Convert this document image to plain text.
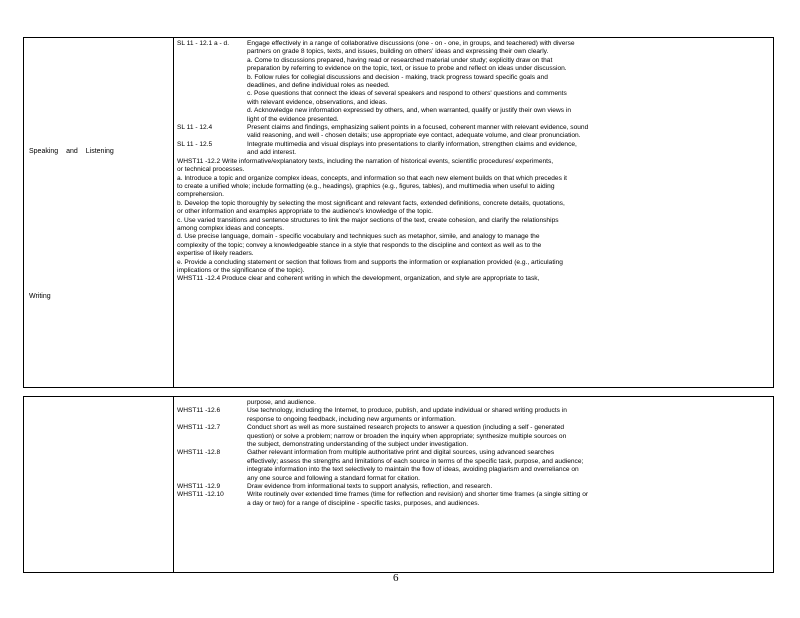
Speaking and Listening
Writing
SL 11 - 12.1 a - d.	Engage effectively in a range of collaborative discussions (one - on - one, in groups, and teachered) with diverse
partners on grade 8 topics, texts, and issues, building on others' ideas and expressing their own clearly.
a. Come to discussions prepared, having read or researched material under study; explicitly draw on that
preparation by referring to evidence on the topic, text, or issue to probe and reflect on ideas under discussion.
b. Follow rules for collegial discussions and decision - making, track progress toward specific goals and
deadlines, and define individual roles as needed.
c. Pose questions that connect the ideas of several speakers and respond to others' questions and comments
with relevant evidence, observations, and ideas.
d. Acknowledge new information expressed by others, and, when warranted, qualify or justify their own views in
light of the evidence presented.
SL 11 - 12.4	Present claims and findings, emphasizing salient points in a focused, coherent manner with relevant evidence, sound
valid reasoning, and well - chosen details; use appropriate eye contact, adequate volume, and clear pronunciation.
SL 11 - 12.5	Integrate multimedia and visual displays into presentations to clarify information, strengthen claims and evidence,
and add interest.
WHST11 -12.2 Write informative/explanatory texts, including the narration of historical events, scientific procedures/ experiments,
or technical processes.
a. Introduce a topic and organize complex ideas, concepts, and information so that each new element builds on that which precedes it
to create a unified whole; include formatting (e.g., headings), graphics (e.g., figures, tables), and multimedia when useful to aiding
comprehension.
b. Develop the topic thoroughly by selecting the most significant and relevant facts, extended definitions, concrete details, quotations,
or other information and examples appropriate to the audience's knowledge of the topic.
c. Use varied transitions and sentence structures to link the major sections of the text, create cohesion, and clarify the relationships
among complex ideas and concepts.
d. Use precise language, domain - specific vocabulary and techniques such as metaphor, simile, and analogy to manage the
complexity of the topic; convey a knowledgeable stance in a style that responds to the discipline and context as well as to the
expertise of likely readers.
e. Provide a concluding statement or section that follows from and supports the information or explanation provided (e.g., articulating
implications or the significance of the topic).
WHST11 -12.4 Produce clear and coherent writing in which the development, organization, and style are appropriate to task,
purpose, and audience.
WHST11 -12.6	Use technology, including the Internet, to produce, publish, and update individual or shared writing products in
response to ongoing feedback, including new arguments or information.
WHST11 -12.7	Conduct short as well as more sustained research projects to answer a question (including a self - generated
question) or solve a problem; narrow or broaden the inquiry when appropriate; synthesize multiple sources on
the subject, demonstrating understanding of the subject under investigation.
WHST11 -12.8	Gather relevant information from multiple authoritative print and digital sources, using advanced searches
effectively; assess the strengths and limitations of each source in terms of the specific task, purpose, and audience;
integrate information into the text selectively to maintain the flow of ideas, avoiding plagiarism and overreliance on
any one source and following a standard format for citation.
WHST11 -12.9	Draw evidence from informational texts to support analysis, reflection, and research.
WHST11 -12.10	Write routinely over extended time frames (time for reflection and revision) and shorter time frames (a single sitting or
a day or two) for a range of discipline - specific tasks, purposes, and audiences.
6
